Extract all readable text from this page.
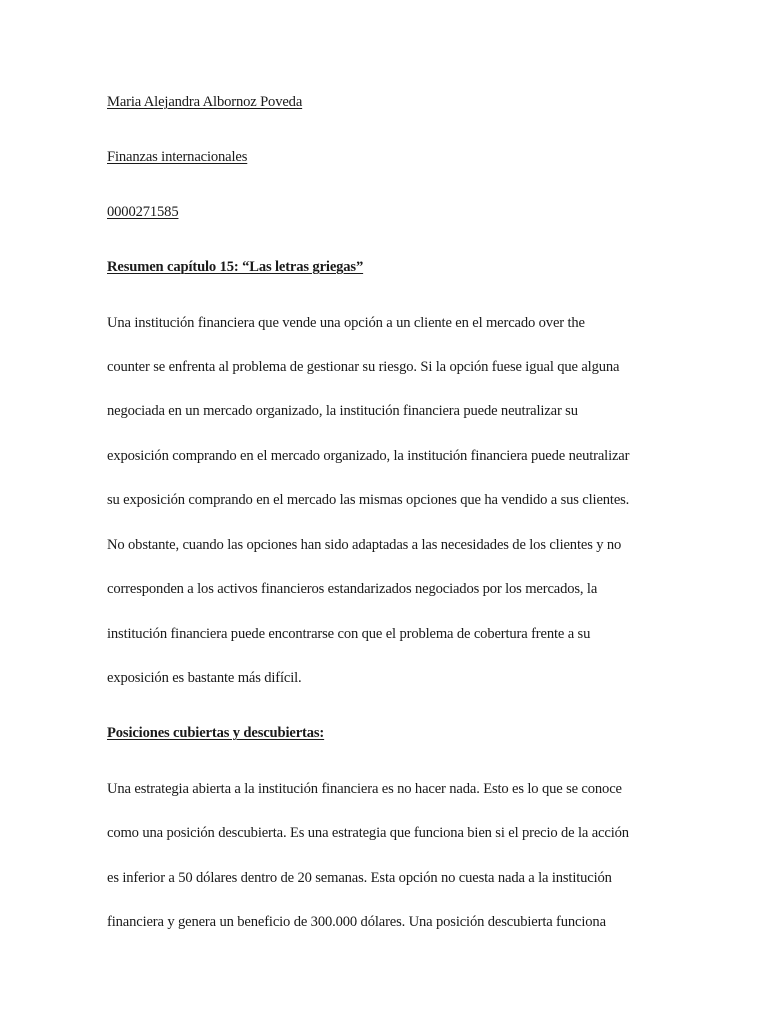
Maria Alejandra Albornoz Poveda
Finanzas internacionales
0000271585
Resumen capítulo 15: “Las letras griegas”
Una institución financiera que vende una opción a un cliente en el mercado over the
counter se enfrenta al problema de gestionar su riesgo. Si la opción fuese igual que alguna
negociada en un mercado organizado, la institución financiera puede neutralizar su
exposición comprando en el mercado organizado, la institución financiera puede neutralizar
su exposición comprando en el mercado las mismas opciones que ha vendido a sus clientes.
No obstante, cuando las opciones han sido adaptadas a las necesidades de los clientes y no
corresponden a los activos financieros estandarizados negociados por los mercados, la
institución financiera puede encontrarse con que el problema de cobertura frente a su
exposición es bastante más difícil.
Posiciones cubiertas y descubiertas:
Una estrategia abierta a la institución financiera es no hacer nada. Esto es lo que se conoce
como una posición descubierta. Es una estrategia que funciona bien si el precio de la acción
es inferior a 50 dólares dentro de 20 semanas. Esta opción no cuesta nada a la institución
financiera y genera un beneficio de 300.000 dólares. Una posición descubierta funciona
